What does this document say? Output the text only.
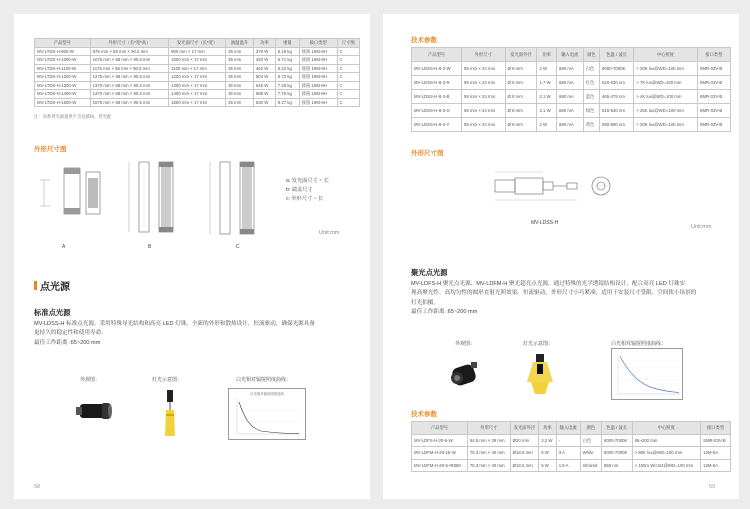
产品型号	外形尺寸（长*宽*高）	发光面尺寸（长*宽）	油温温升	功率	重量	接口类型	尺寸图
MV-LTDS-H-900-W	975 mm × 58 mm × 90.5 mm	900 mm × 17 mm	35 mm	378 W	5.19 kg	接圆 19M-8H	C
MV-LTDS-H-1000-W	1075 mm × 58 mm × 90.5 mm	1000 mm × 17 mm	35 mm	420 W	5.71 kg	接圆 19M-8H	C
MV-LTDS-H-1100-W	1175 mm × 58 mm × 90.5 mm	1100 mm × 17 mm	35 mm	462 W	6.22 kg	接圆 19M-8H	C
MV-LTDS-H-1200-W	1275 mm × 58 mm × 90.5 mm	1200 mm × 17 mm	35 mm	504 W	6.73 kg	接圆 19M-8H	C
MV-LTDS-H-1300-W	1370 mm × 58 mm × 90.5 mm	1300 mm × 17 mm	35 mm	546 W	7.25 kg	接圆 19M-8H	C
MV-LTDS-H-1400-W	1470 mm × 58 mm × 90.5 mm	1400 mm × 17 mm	35 mm	588 W	7.76 kg	接圆 19M-8H	C
MV-LTDS-H-1500-W	1575 mm × 58 mm × 90.5 mm	1500 mm × 17 mm	35 mm	630 W	8.27 kg	接圆 19M-8H	C
注：该系列光源提供不含直插线、常光配
外形尺寸图
A	B	C
a: 发光面尺寸 ~ 长
b: 端盖尺寸
c: 外形尺寸 ~ 长
Unit:mm
点光源
标准点光源
MV-LDSS-H 标准点光源，采用特殊导光结构和高亮 LED 灯珠，全新的外形和散热设计，恒流驱动，确保光源具备
更持久的稳定性和使用寿命。
最佳工作距离 :65~200 mm
外观图：	灯光示意图：	白光相对辐射照度曲线：
白光相对辐射照度曲线
58
技术参数
产品型号	外形尺寸	发光面外径	功率	输入电流	颜色	色温 / 波长	中心照度	接口类型
MV-LDSS-H-8-3-W	59 mm × 24 mm	Ø 8 mm	2 W	680 mA	白色	6000-7000K	> 20K lux@WD=100 mm	SMR-03V-B
MV-LDSS-H-8-3-R	59 mm × 24 mm	Ø 8 mm	1.7 W	680 mA	红色	620-630 nm	> 7K lux@WD=100 mm	SMR-03V-B
MV-LDSS-H-8-3-B	59 mm × 24 mm	Ø 8 mm	2.1 W	680 mA	蓝色	465-475 nm	> 4K lux@WD=100 mm	SMR-03V-B
MV-LDSS-H-8-3-G	59 mm × 24 mm	Ø 8 mm	2.1 W	680 mA	绿色	515-530 nm	> 25K lux@WD=100 mm	SMR-03V-B
MV-LDSS-H-8-3-Y	59 mm × 24 mm	Ø 8 mm	2 W	680 mA	黄色	580-590 nm	> 20K lux@WD=100 mm	SMR-03V-B
外形尺寸图
MV-LDSS-H
Unit:mm
聚光点光源
MV-LDFS-H 聚光点光源、MV-LDFM-H 聚光超亮点光源，通过特殊的光学透镜结构设计，配合高亮 LED 灯珠实
现高聚光性、高均匀性的圆形直射光照效果。恒流驱动，外形尺寸小巧紧凑，适用于安装尺寸受限、空间狭小场景的
打光拍摄。
最佳工作距离 :65~200 mm
外观图：	灯光示意图：	白光相对辐射照度曲线：
技术参数
产品型号	外形尺寸	发光面外径	功率	输入电流	颜色	色温 / 波长	中心照度	接口类型
MV-LDFS-H-20-6-W	54.5 mm × 29 mm	Ø20 mm	3.2 W	-	白色	6000-7000K	65~200 mm	SMR-03V-B
MV-LDFM-H-20-15-W	75.3 mm × 40 mm	Ø18.5 mm	6 W	3 A	White	6000-7000K	> 80K lux@WD=100 mm	12M-5A
MV-LDFM-H-20-5-IR850	75.3 mm × 40 mm	Ø18.5 mm	5 W	1.5 A	Infrared	850 nm	> 150m W/cm2@WD=100 mm	12M-5A
59
